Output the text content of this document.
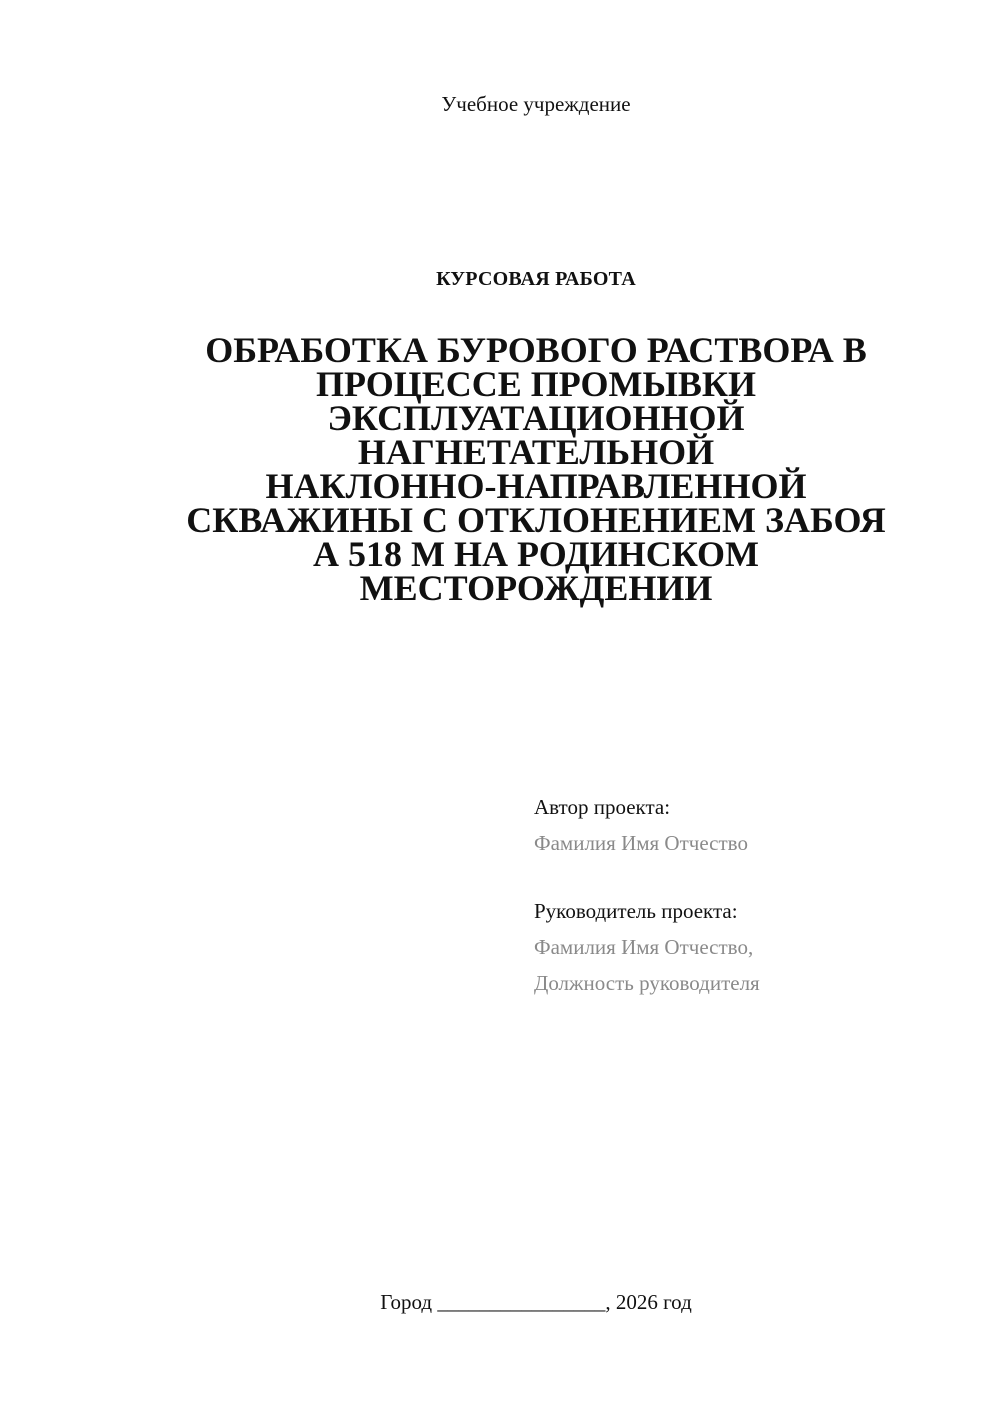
Учебное учреждение
КУРСОВАЯ РАБОТА
ОБРАБОТКА БУРОВОГО РАСТВОРА В
ПРОЦЕССЕ ПРОМЫВКИ
ЭКСПЛУАТАЦИОННОЙ
НАГНЕТАТЕЛЬНОЙ
НАКЛОННО-НАПРАВЛЕННОЙ
СКВАЖИНЫ С ОТКЛОНЕНИЕМ ЗАБОЯ
А 518 М НА РОДИНСКОМ
МЕСТОРОЖДЕНИИ
Автор проекта:
Фамилия Имя Отчество
Руководитель проекта:
Фамилия Имя Отчество,
Должность руководителя
Город ________________, 2026 год
